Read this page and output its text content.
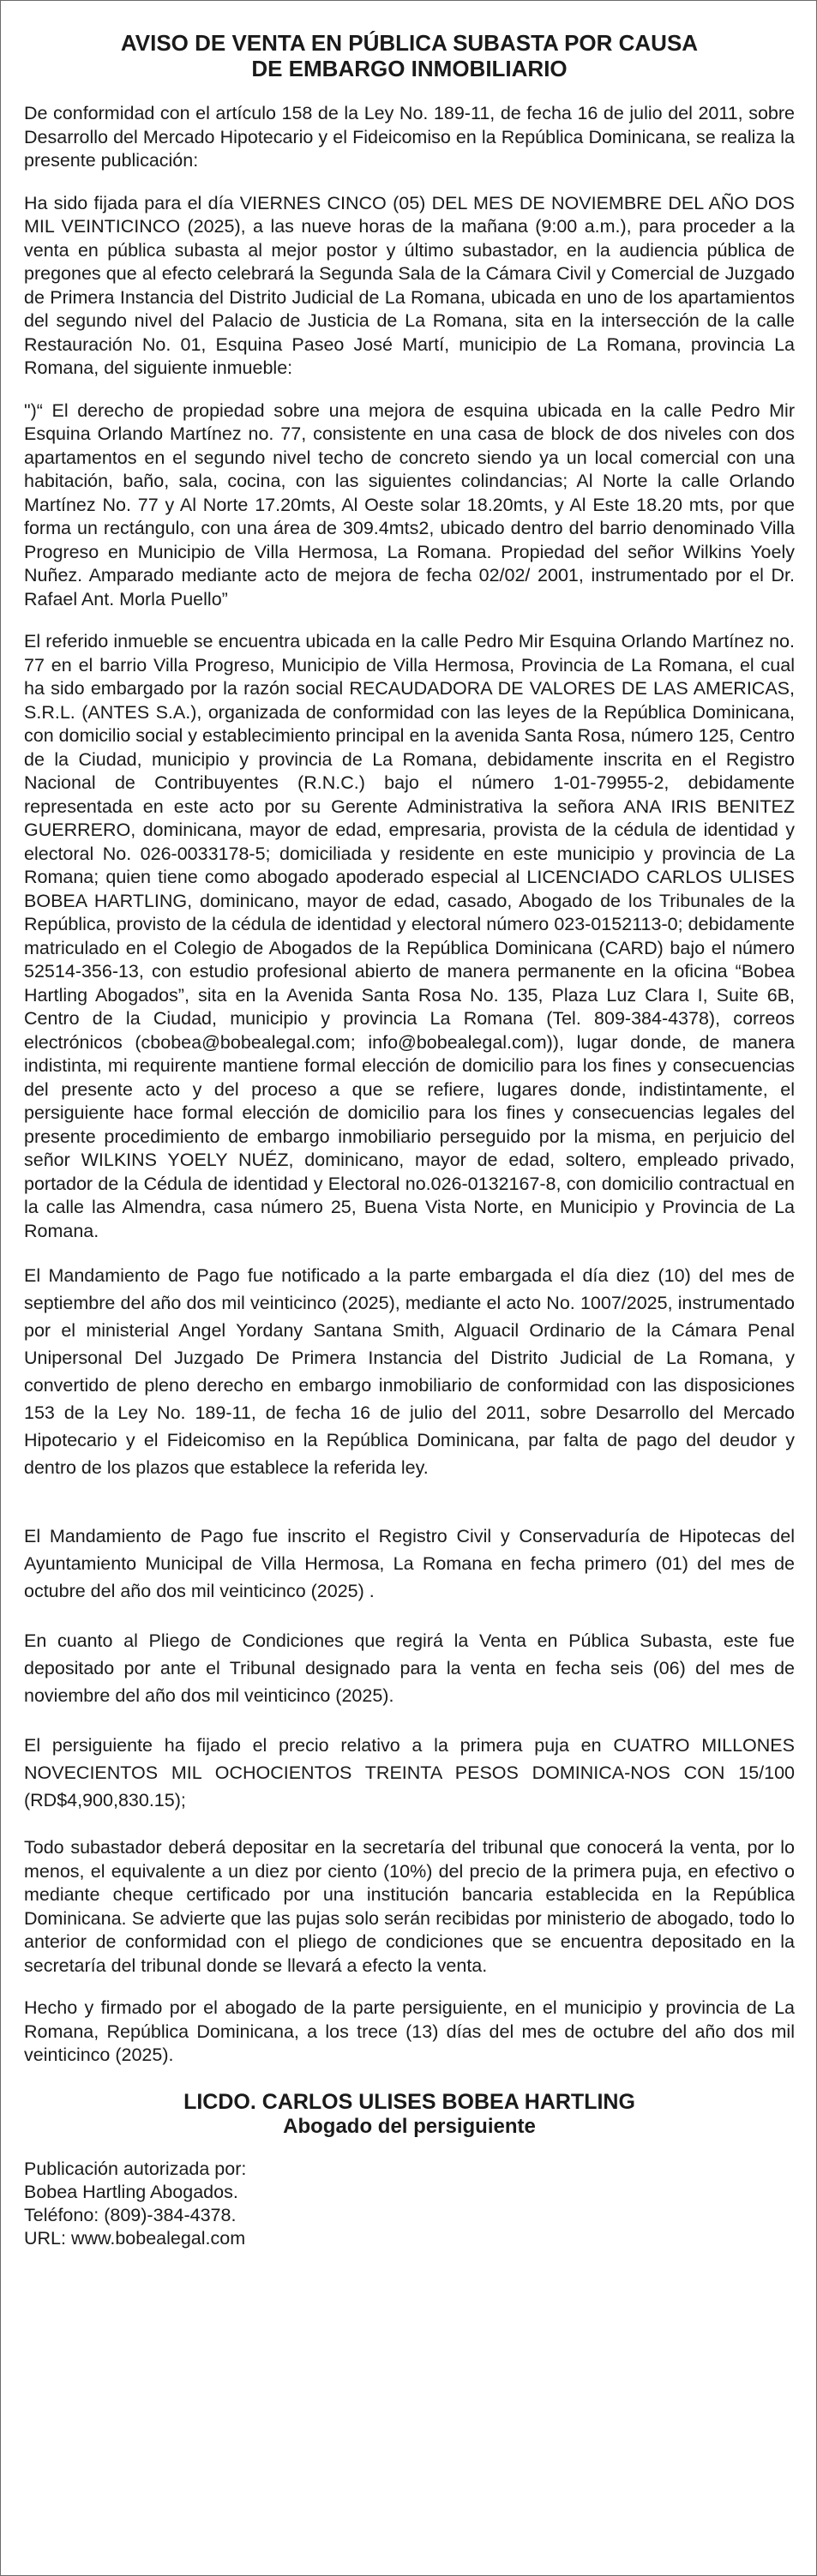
AVISO DE VENTA EN PÚBLICA SUBASTA POR CAUSA
DE EMBARGO INMOBILIARIO

De conformidad con el artículo 158 de la Ley No. 189-11, de fecha 16 de julio del 2011, sobre Desarrollo del Mercado Hipotecario y el Fideicomiso en la República Dominicana, se realiza la presente publicación:

Ha sido fijada para el día VIERNES CINCO (05) DEL MES DE NOVIEMBRE DEL AÑO DOS MIL VEINTICINCO (2025), a las nueve horas de la mañana (9:00 a.m.), para proceder a la venta en pública subasta al mejor postor y último subastador, en la audiencia pública de pregones que al efecto celebrará la Segunda Sala de la Cámara Civil y Comercial de Juzgado de Primera Instancia del Distrito Judicial de La Romana, ubicada en uno de los apartamientos del segundo nivel del Palacio de Justicia de La Romana, sita en la intersección de la calle Restauración No. 01, Esquina Paseo José Martí, municipio de La Romana, provincia La Romana, del siguiente inmueble:

")“ El derecho de propiedad sobre una mejora de esquina ubicada en la calle Pedro Mir Esquina Orlando Martínez no. 77, consistente en una casa de block de dos niveles con dos apartamentos en el segundo nivel techo de concreto siendo ya un local comercial con una habitación, baño, sala, cocina, con las siguientes colindancias; Al Norte la calle Orlando Martínez No. 77 y Al Norte 17.20mts, Al Oeste solar 18.20mts, y Al Este 18.20 mts, por que forma un rectángulo, con una área de 309.4mts2, ubicado dentro del barrio denominado Villa Progreso en Municipio de Villa Hermosa, La Romana. Propiedad del señor Wilkins Yoely Nuñez. Amparado mediante acto de mejora de fecha 02/02/ 2001, instrumentado por el Dr. Rafael Ant. Morla Puello”

El referido inmueble se encuentra ubicada en la calle Pedro Mir Esquina Orlando Martínez no. 77 en el barrio Villa Progreso, Municipio de Villa Hermosa, Provincia de La Romana, el cual ha sido embargado por la razón social RECAUDADORA DE VALORES DE LAS AMERICAS, S.R.L. (ANTES S.A.), organizada de conformidad con las leyes de la República Dominicana, con domicilio social y establecimiento principal en la avenida Santa Rosa, número 125, Centro de la Ciudad, municipio y provincia de La Romana, debidamente inscrita en el Registro Nacional de Contribuyentes (R.N.C.) bajo el número 1-01-79955-2, debidamente representada en este acto por su Gerente Administrativa la señora ANA IRIS BENITEZ GUERRERO, dominicana, mayor de edad, empresaria, provista de la cédula de identidad y electoral No. 026-0033178-5; domiciliada y residente en este municipio y provincia de La Romana; quien tiene como abogado apoderado especial al LICENCIADO CARLOS ULISES BOBEA HARTLING, dominicano, mayor de edad, casado, Abogado de los Tribunales de la República, provisto de la cédula de identidad y electoral número 023-0152113-0; debidamente matriculado en el Colegio de Abogados de la República Dominicana (CARD) bajo el número 52514-356-13, con estudio profesional abierto de manera permanente en la oficina “Bobea Hartling Abogados”, sita en la Avenida Santa Rosa No. 135, Plaza Luz Clara I, Suite 6B, Centro de la Ciudad, municipio y provincia La Romana (Tel. 809-384-4378), correos electrónicos (cbobea@bobealegal.com; info@bobealegal.com)), lugar donde, de manera indistinta, mi requirente mantiene formal elección de domicilio para los fines y consecuencias del presente acto y del proceso a que se refiere, lugares donde, indistintamente, el persiguiente hace formal elección de domicilio para los fines y consecuencias legales del presente procedimiento de embargo inmobiliario perseguido por la misma, en perjuicio del señor WILKINS YOELY NUÉZ, dominicano, mayor de edad, soltero, empleado privado, portador de la Cédula de identidad y Electoral no.026-0132167-8, con domicilio contractual en la calle las Almendra, casa número 25, Buena Vista Norte, en Municipio y Provincia de La Romana.

El Mandamiento de Pago fue notificado a la parte embargada el día diez (10) del mes de septiembre del año dos mil veinticinco (2025), mediante el acto No. 1007/2025, instrumentado por el ministerial Angel Yordany Santana Smith, Alguacil Ordinario de la Cámara Penal Unipersonal Del Juzgado De Primera Instancia del Distrito Judicial de La Romana, y convertido de pleno derecho en embargo inmobiliario de conformidad con las disposiciones 153 de la Ley No. 189-11, de fecha 16 de julio del 2011, sobre Desarrollo del Mercado Hipotecario y el Fideicomiso en la República Dominicana, par falta de pago del deudor y dentro de los plazos que establece la referida ley.

El Mandamiento de Pago fue inscrito el Registro Civil y Conservaduría de Hipotecas del Ayuntamiento Municipal de Villa Hermosa, La Romana en fecha primero (01) del mes de octubre del año dos mil veinticinco (2025) .

En cuanto al Pliego de Condiciones que regirá la Venta en Pública Subasta, este fue depositado por ante el Tribunal designado para la venta en fecha seis (06) del mes de noviembre del año dos mil veinticinco (2025).

El persiguiente ha fijado el precio relativo a la primera puja en CUATRO MILLONES NOVECIENTOS MIL OCHOCIENTOS TREINTA PESOS DOMINICA-NOS CON 15/100 (RD$4,900,830.15);

Todo subastador deberá depositar en la secretaría del tribunal que conocerá la venta, por lo menos, el equivalente a un diez por ciento (10%) del precio de la primera puja, en efectivo o mediante cheque certificado por una institución bancaria establecida en la República Dominicana. Se advierte que las pujas solo serán recibidas por ministerio de abogado, todo lo anterior de conformidad con el pliego de condiciones que se encuentra depositado en la secretaría del tribunal donde se llevará a efecto la venta.

Hecho y firmado por el abogado de la parte persiguiente, en el municipio y provincia de La Romana, República Dominicana, a los trece (13) días del mes de octubre del año dos mil veinticinco (2025).

LICDO. CARLOS ULISES BOBEA HARTLING
Abogado del persiguiente
Publicación autorizada por:
Bobea Hartling Abogados.
Teléfono: (809)-384-4378.
URL: www.bobealegal.com
